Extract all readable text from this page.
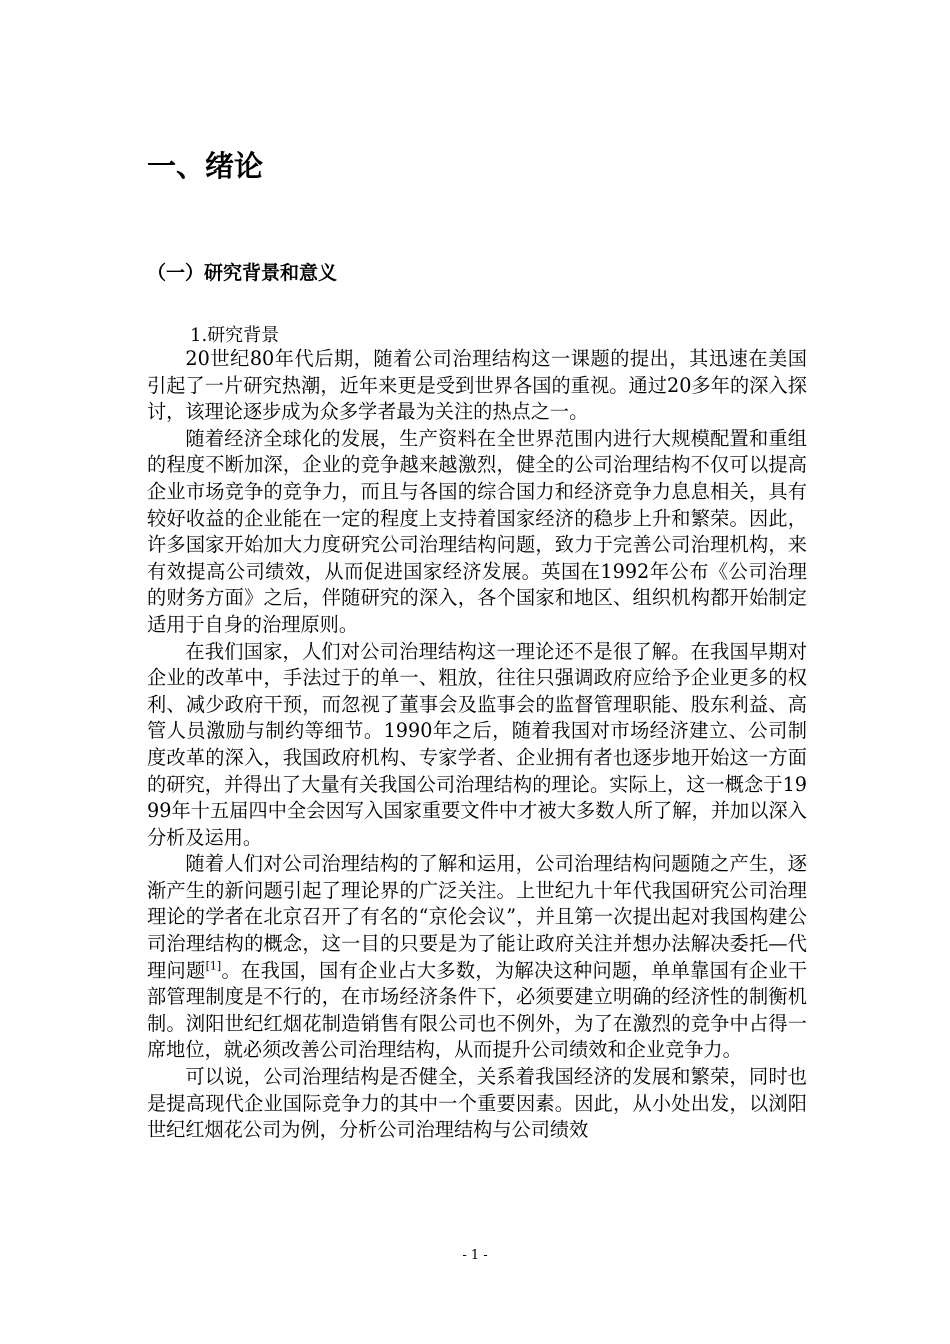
一、绪论
（一）研究背景和意义
1.研究背景

20世纪80年代后期，随着公司治理结构这一课题的提出，其迅速在美国引起了一片研究热潮，近年来更是受到世界各国的重视。通过20多年的深入探讨，该理论逐步成为众多学者最为关注的热点之一。

随着经济全球化的发展，生产资料在全世界范围内进行大规模配置和重组的程度不断加深，企业的竞争越来越激烈，健全的公司治理结构不仅可以提高企业市场竞争的竞争力，而且与各国的综合国力和经济竞争力息息相关，具有较好收益的企业能在一定的程度上支持着国家经济的稳步上升和繁荣。因此，许多国家开始加大力度研究公司治理结构问题，致力于完善公司治理机构，来有效提高公司绩效，从而促进国家经济发展。英国在1992年公布《公司治理的财务方面》之后，伴随研究的深入，各个国家和地区、组织机构都开始制定适用于自身的治理原则。

在我们国家，人们对公司治理结构这一理论还不是很了解。在我国早期对企业的改革中，手法过于的单一、粗放，往往只强调政府应给予企业更多的权利、减少政府干预，而忽视了董事会及监事会的监督管理职能、股东利益、高管人员激励与制约等细节。1990年之后，随着我国对市场经济建立、公司制度改革的深入，我国政府机构、专家学者、企业拥有者也逐步地开始这一方面的研究，并得出了大量有关我国公司治理结构的理论。实际上，这一概念于1999年十五届四中全会因写入国家重要文件中才被大多数人所了解，并加以深入分析及运用。

随着人们对公司治理结构的了解和运用，公司治理结构问题随之产生，逐渐产生的新问题引起了理论界的广泛关注。上世纪九十年代我国研究公司治理理论的学者在北京召开了有名的“京伦会议”，并且第一次提出起对我国构建公司治理结构的概念，这一目的只要是为了能让政府关注并想办法解决委托—代理问题[1]。在我国，国有企业占大多数，为解决这种问题，单单靠国有企业干部管理制度是不行的，在市场经济条件下，必须要建立明确的经济性的制衡机制。浏阳世纪红烟花制造销售有限公司也不例外，为了在激烈的竞争中占得一席地位，就必须改善公司治理结构，从而提升公司绩效和企业竞争力。

可以说，公司治理结构是否健全，关系着我国经济的发展和繁荣，同时也是提高现代企业国际竞争力的其中一个重要因素。因此，从小处出发，以浏阳世纪红烟花公司为例，分析公司治理结构与公司绩效

- 1 -
